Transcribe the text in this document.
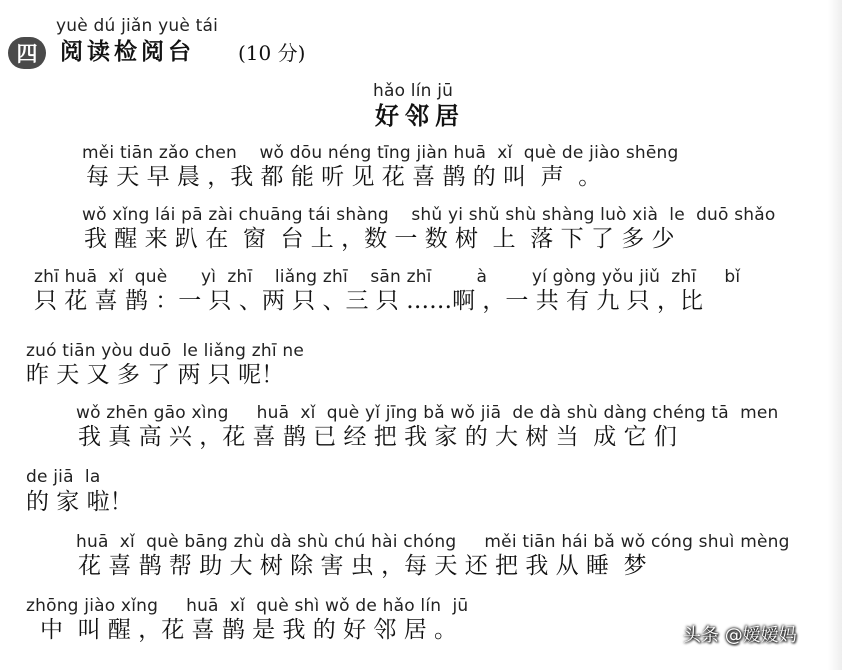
yuè dú jiǎn yuè tái
四 阅读检阅台 (10 分)
hǎo lín jū
好邻居
měi tiān zǎo chen    wǒ dōu néng tīng jiàn huā  xǐ  què de jiào shēng
每 天 早 晨 ，我 都 能 听 见 花 喜 鹊 的 叫  声  。
wǒ xǐng lái pā zài chuāng tái shàng    shǔ yi shǔ shù shàng luò xià  le  duō shǎo
我 醒 来 趴 在  窗  台 上 ，数 一 数 树  上  落 下 了 多 少
zhī huā  xǐ  què      yì  zhī    liǎng zhī    sān zhī        à        yí gòng yǒu jiǔ  zhī     bǐ
只 花 喜 鹊 ：一 只 、两 只 、三 只 ……啊 ，一 共 有 九 只 ，比
zuó tiān yòu duō  le liǎng zhī ne
昨 天 又 多 了 两 只 呢！
wǒ zhēn gāo xìng     huā  xǐ  què yǐ jīng bǎ wǒ jiā  de dà shù dàng chéng tā  men
我 真 高 兴 ，花 喜 鹊 已 经 把 我 家 的 大 树 当  成 它 们
de jiā  la
的 家 啦！
huā  xǐ  què bāng zhù dà shù chú hài chóng     měi tiān hái bǎ wǒ cóng shuì mèng
花 喜 鹊 帮 助 大 树 除 害 虫 ，每 天 还 把 我 从 睡  梦
zhōng jiào xǐng     huā  xǐ  què shì wǒ de hǎo lín  jū
中  叫 醒 ，花 喜 鹊 是 我 的 好 邻 居 。	头条 @嫒嫒妈
